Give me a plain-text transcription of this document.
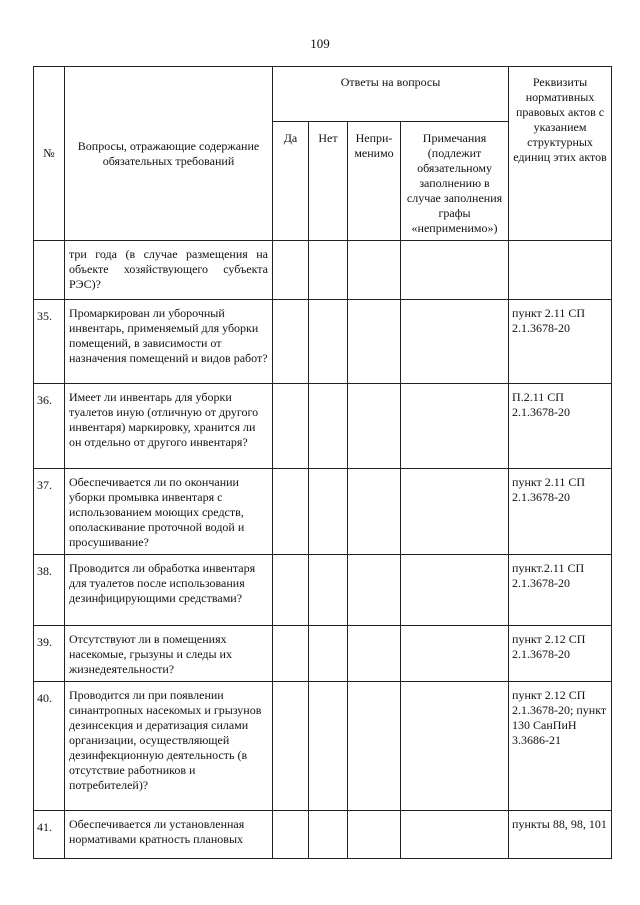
109
№	Вопросы, отражающие содержание обязательных требований	Ответы на вопросы				Реквизиты нормативных правовых актов с указанием структурных единиц этих актов
		Да	Нет	Непри- менимо	Примечания (подлежит обязательному заполнению в случае заполнения графы «неприменимо»)	
	три года (в случае размещения на объекте хозяйствующего субъекта РЭС)?					
35.	Промаркирован ли уборочный инвентарь, применяемый для уборки помещений, в зависимости от назначения помещений и видов работ?					пункт 2.11 СП 2.1.3678-20
36.	Имеет ли инвентарь для уборки туалетов иную (отличную от другого инвентаря) маркировку, хранится ли он отдельно от другого инвентаря?					П.2.11 СП 2.1.3678-20
37.	Обеспечивается ли по окончании уборки промывка инвентаря с использованием моющих средств, ополаскивание проточной водой и просушивание?					пункт 2.11 СП 2.1.3678-20
38.	Проводится ли обработка инвентаря для туалетов после использования дезинфицирующими средствами?					пункт.2.11 СП 2.1.3678-20
39.	Отсутствуют ли в помещениях насекомые, грызуны и следы их жизнедеятельности?					пункт 2.12 СП 2.1.3678-20
40.	Проводится ли при появлении синантропных насекомых и грызунов дезинсекция и дератизация силами организации, осуществляющей дезинфекционную деятельность (в отсутствие работников и потребителей)?					пункт 2.12 СП 2.1.3678-20; пункт 130 СанПиН 3.3686-21
41.	Обеспечивается ли установленная нормативами кратность плановых					пункты 88, 98, 101
